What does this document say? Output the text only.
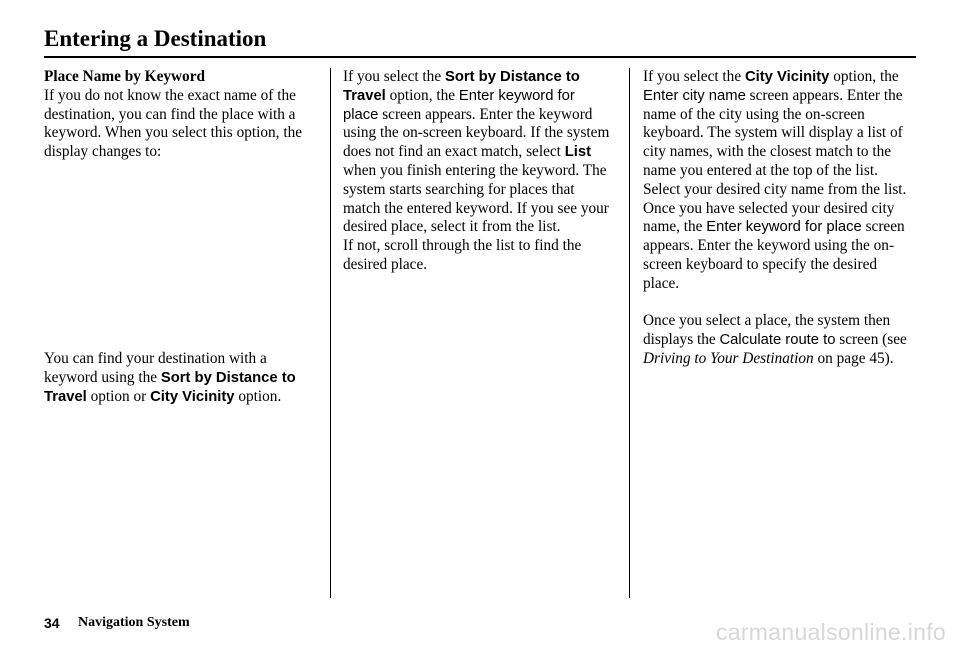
Entering a Destination
Place Name by Keyword

If you do not know the exact name of the destination, you can find the place with a keyword. When you select this option, the display changes to:

You can find your destination with a keyword using the Sort by Distance to Travel option or City Vicinity option.

If you select the Sort by Distance to Travel option, the Enter keyword for place screen appears. Enter the keyword using the on-screen keyboard. If the system does not find an exact match, select List when you finish entering the keyword. The system starts searching for places that match the entered keyword. If you see your desired place, select it from the list.

If not, scroll through the list to find the desired place.

If you select the City Vicinity option, the Enter city name screen appears. Enter the name of the city using the on-screen keyboard. The system will display a list of city names, with the closest match to the name you entered at the top of the list. Select your desired city name from the list. Once you have selected your desired city name, the Enter keyword for place screen appears. Enter the keyword using the on-screen keyboard to specify the desired place.

Once you select a place, the system then displays the Calculate route to screen (see Driving to Your Destination on page 45).

34 Navigation System	carmanualsonline.info
